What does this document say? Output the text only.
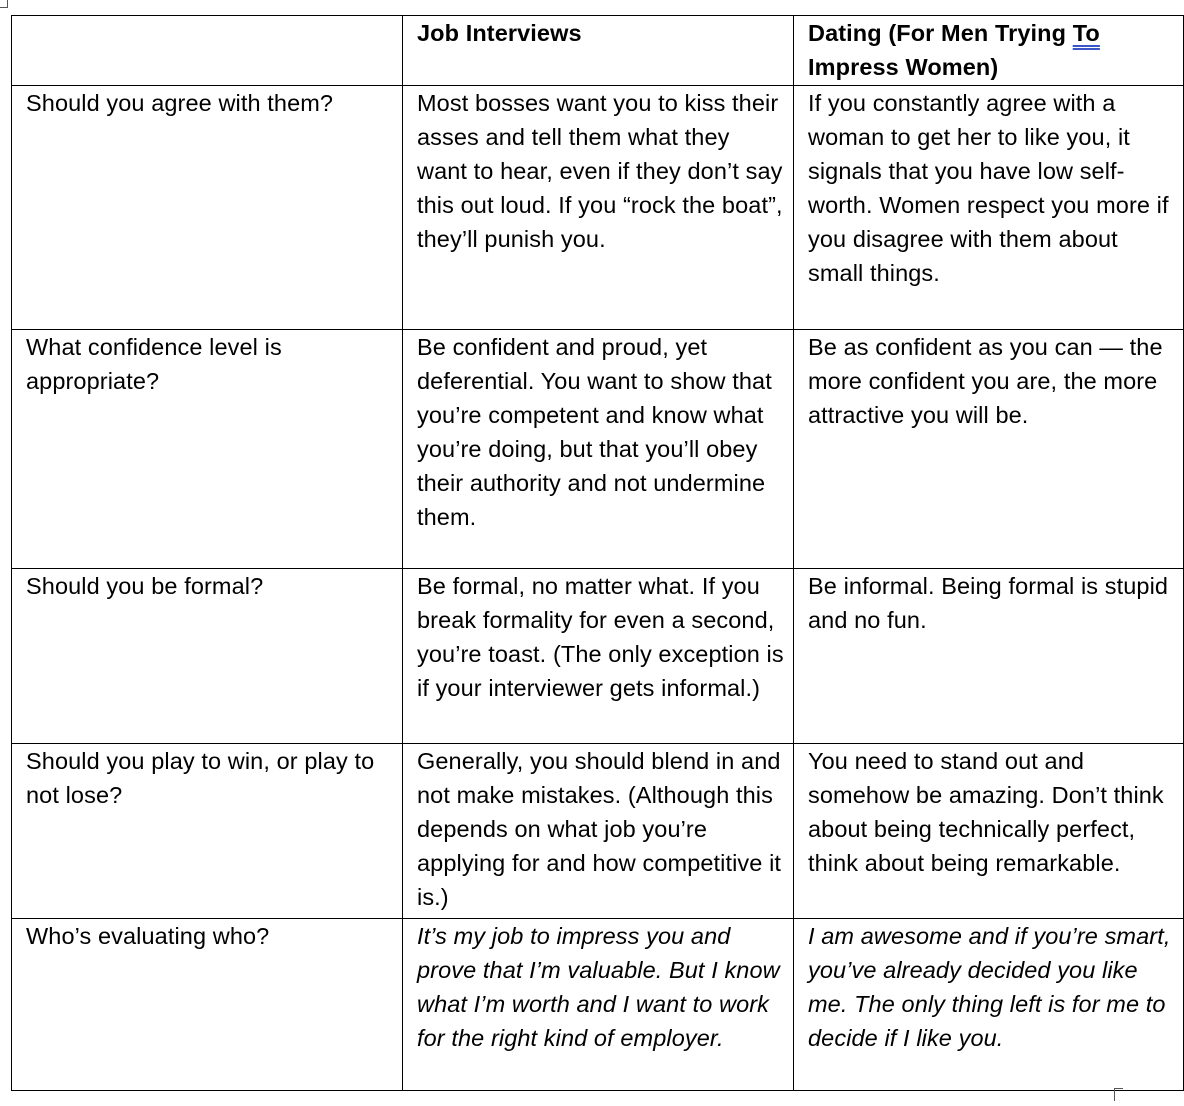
	Job Interviews	Dating (For Men Trying To Impress Women)
Should you agree with them?	Most bosses want you to kiss their asses and tell them what they want to hear, even if they don’t say this out loud. If you “rock the boat”, they’ll punish you.	If you constantly agree with a woman to get her to like you, it signals that you have low self-worth. Women respect you more if you disagree with them about small things.
What confidence level is appropriate?	Be confident and proud, yet deferential. You want to show that you’re competent and know what you’re doing, but that you’ll obey their authority and not undermine them.	Be as confident as you can — the more confident you are, the more attractive you will be.
Should you be formal?	Be formal, no matter what. If you break formality for even a second, you’re toast. (The only exception is if your interviewer gets informal.)	Be informal. Being formal is stupid and no fun.
Should you play to win, or play to not lose?	Generally, you should blend in and not make mistakes. (Although this depends on what job you’re applying for and how competitive it is.)	You need to stand out and somehow be amazing. Don’t think about being technically perfect, think about being remarkable.
Who’s evaluating who?	It’s my job to impress you and prove that I’m valuable. But I know what I’m worth and I want to work for the right kind of employer.	I am awesome and if you’re smart, you’ve already decided you like me. The only thing left is for me to decide if I like you.
